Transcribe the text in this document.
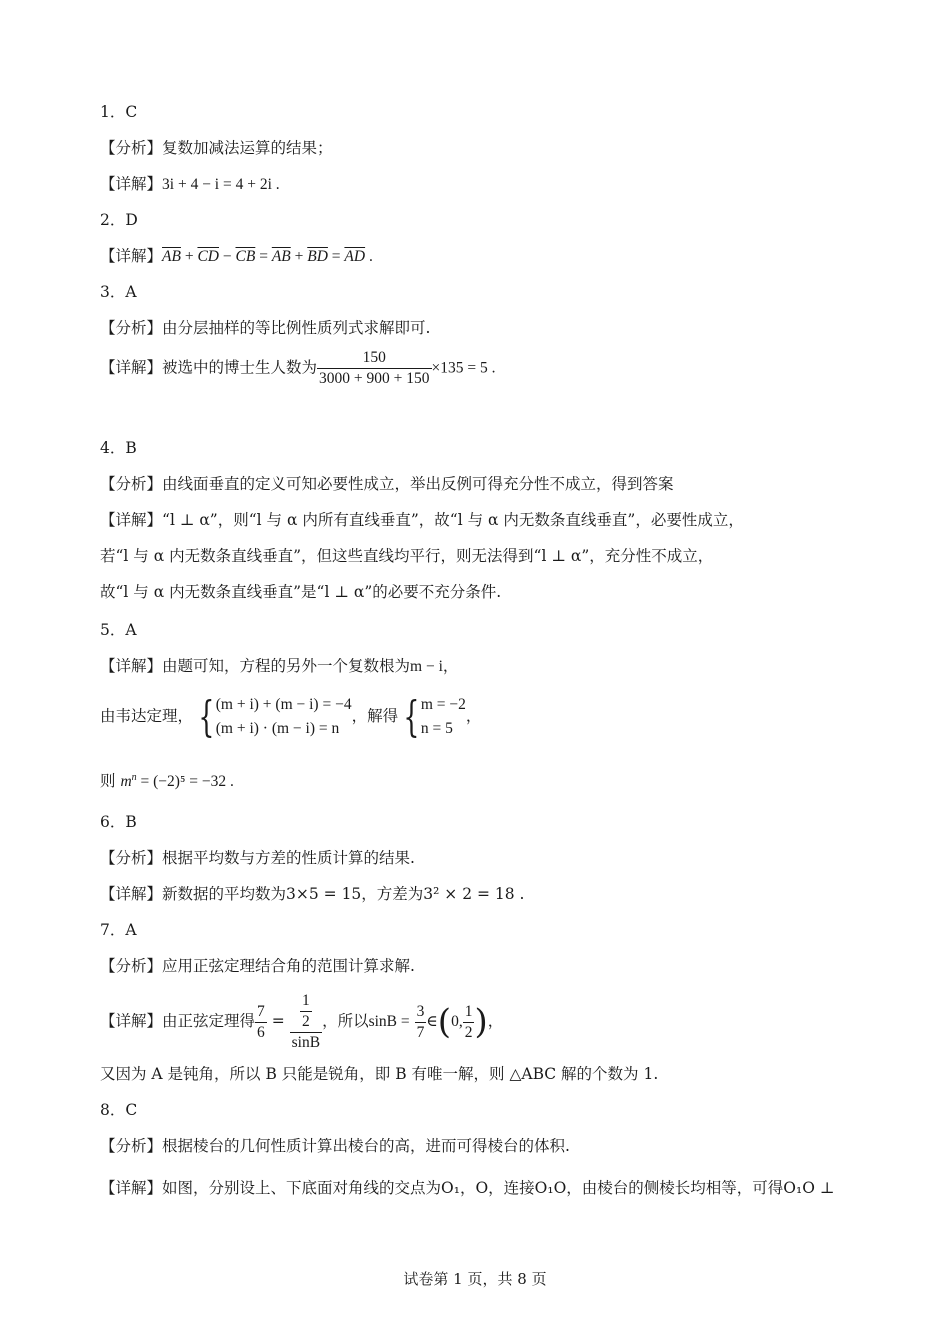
1．C
【分析】复数加减法运算的结果；
【详解】3i + 4 − i = 4 + 2i .
2．D
【详解】$\overline{AB} + \overline{CD} - \overline{CB} = \overline{AB} + \overline{BD} = \overline{AD}$ .
3．A
【分析】由分层抽样的等比例性质列式求解即可.
【详解】被选中的博士生人数为 $\frac{150}{3000 + 900 + 150} \times 135 = 5$ .
4．B
【分析】由线面垂直的定义可知必要性成立，举出反例可得充分性不成立，得到答案
【详解】“l ⊥ α”，则“l 与 α 内所有直线垂直”，故“l 与 α 内无数条直线垂直”，必要性成立，
若“l 与 α 内无数条直线垂直”，但这些直线均平行，则无法得到“l ⊥ α”，充分性不成立，
故“l 与 α 内无数条直线垂直”是“l ⊥ α”的必要不充分条件.
5．A
【详解】由题可知，方程的另外一个复数根为m − i，
由韦达定理， { (m + i) + (m − i) = −4
(m + i) · (m − i) = n
，解得 { m = −2
n = 5
，
则 $m^n = (-2)^5 = -32$ .
6．B
【分析】根据平均数与方差的性质计算的结果.
【详解】新数据的平均数为3×5 = 15，方差为3² × 2 = 18 .
7．A
【分析】应用正弦定理结合角的范围计算求解.
【详解】由正弦定理得 $\frac{7}{6} = \frac{\frac{1}{2}}{\sin B}$ ，所以$\sin B = \frac{3}{7}$ ∈(0, $\frac{1}{2}$ )，
又因为 A 是钝角，所以 B 只能是锐角，即 B 有唯一解，则 △ABC 解的个数为 1.
8．C
【分析】根据棱台的几何性质计算出棱台的高，进而可得棱台的体积.
【详解】如图，分别设上、下底面对角线的交点为O₁，O，连接O₁O，由棱台的侧棱长均相等，可得O₁O ⊥
试卷第 1 页，共 8 页
